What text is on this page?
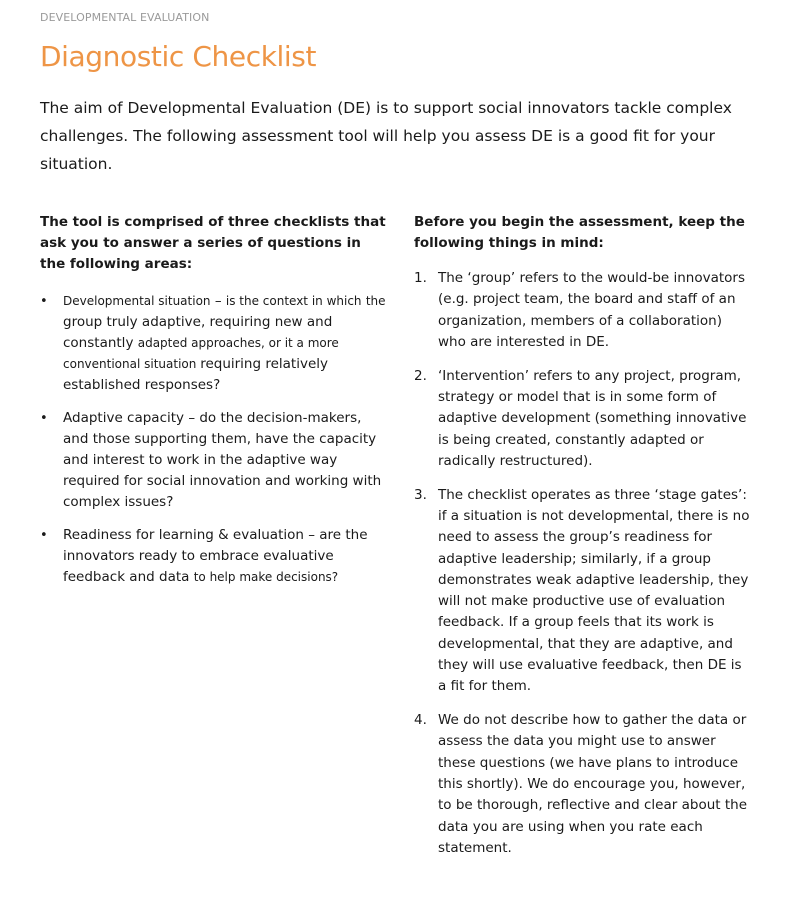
DEVELOPMENTAL EVALUATION
Diagnostic Checklist

The aim of Developmental Evaluation (DE) is to support social innovators tackle complex challenges. The following assessment tool will help you assess DE is a good fit for your situation.

The tool is comprised of three checklists that ask you to answer a series of questions in the following areas:

• Developmental situation – is the context in which the group truly adaptive, requiring new and constantly adapted approaches, or it a more conventional situation requiring relatively established responses?
• Adaptive capacity – do the decision-makers, and those supporting them, have the capacity and interest to work in the adaptive way required for social innovation and working with complex issues?
• Readiness for learning & evaluation – are the innovators ready to embrace evaluative feedback and data to help make decisions?

Before you begin the assessment, keep the following things in mind:

1. The ‘group’ refers to the would-be innovators (e.g. project team, the board and staff of an organization, members of a collaboration) who are interested in DE.
2. ‘Intervention’ refers to any project, program, strategy or model that is in some form of adaptive development (something innovative is being created, constantly adapted or radically restructured).
3. The checklist operates as three ‘stage gates’: if a situation is not developmental, there is no need to assess the group’s readiness for adaptive leadership; similarly, if a group demonstrates weak adaptive leadership, they will not make productive use of evaluation feedback. If a group feels that its work is developmental, that they are adaptive, and they will use evaluative feedback, then DE is a fit for them.
4. We do not describe how to gather the data or assess the data you might use to answer these questions (we have plans to introduce this shortly). We do encourage you, however, to be thorough, reflective and clear about the data you are using when you rate each statement.
